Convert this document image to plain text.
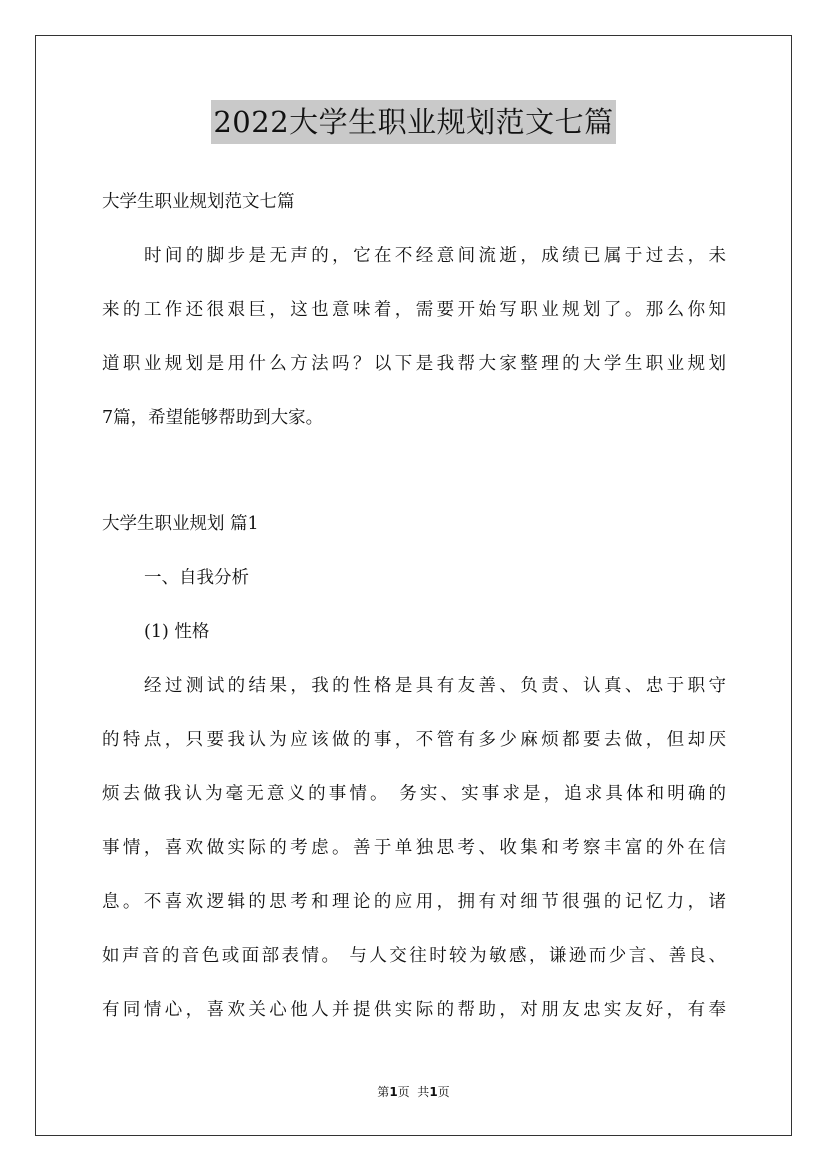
2022大学生职业规划范文七篇
大学生职业规划范文七篇
时间的脚步是无声的，它在不经意间流逝，成绩已属于过去，未
来的工作还很艰巨，这也意味着，需要开始写职业规划了。那么你知
道职业规划是用什么方法吗？以下是我帮大家整理的大学生职业规划
7篇，希望能够帮助到大家。
大学生职业规划 篇1
一、自我分析
(1) 性格
经过测试的结果，我的性格是具有友善、负责、认真、忠于职守
的特点，只要我认为应该做的事，不管有多少麻烦都要去做，但却厌
烦去做我认为毫无意义的事情。 务实、实事求是，追求具体和明确的
事情，喜欢做实际的考虑。善于单独思考、收集和考察丰富的外在信
息。不喜欢逻辑的思考和理论的应用，拥有对细节很强的记忆力，诸
如声音的音色或面部表情。 与人交往时较为敏感，谦逊而少言、善良、
有同情心，喜欢关心他人并提供实际的帮助，对朋友忠实友好，有奉
第1页  共1页
